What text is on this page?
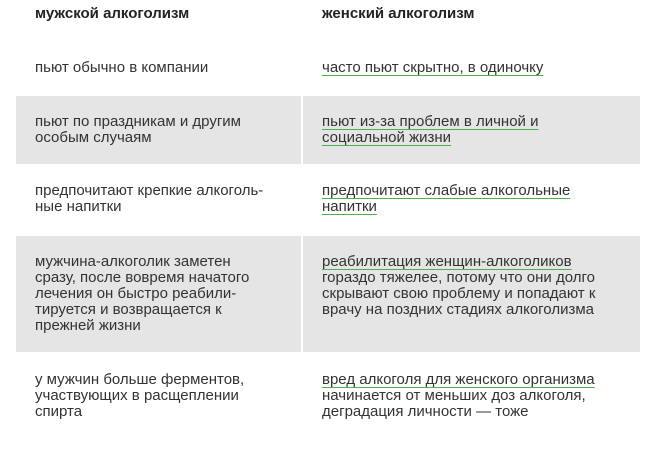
мужской алкоголизм	женский алкоголизм
пьют обычно в компании	часто пьют скрытно, в одиночку
пьют по праздникам и другим
особым случаям
пьют из-за проблем в личной и
социальной жизни
предпочитают крепкие алкоголь-
ные напитки
предпочитают слабые алкогольные
напитки
мужчина-алкоголик заметен
сразу, после вовремя начатого
лечения он быстро реабили-
тируется и возвращается к
прежней жизни
реабилитация женщин-алкоголиков
гораздо тяжелее, потому что они долго
скрывают свою проблему и попадают к
врачу на поздних стадиях алкоголизма
у мужчин больше ферментов,
участвующих в расщеплении
спирта
вред алкоголя для женского организма
начинается от меньших доз алкоголя,
деградация личности — тоже
